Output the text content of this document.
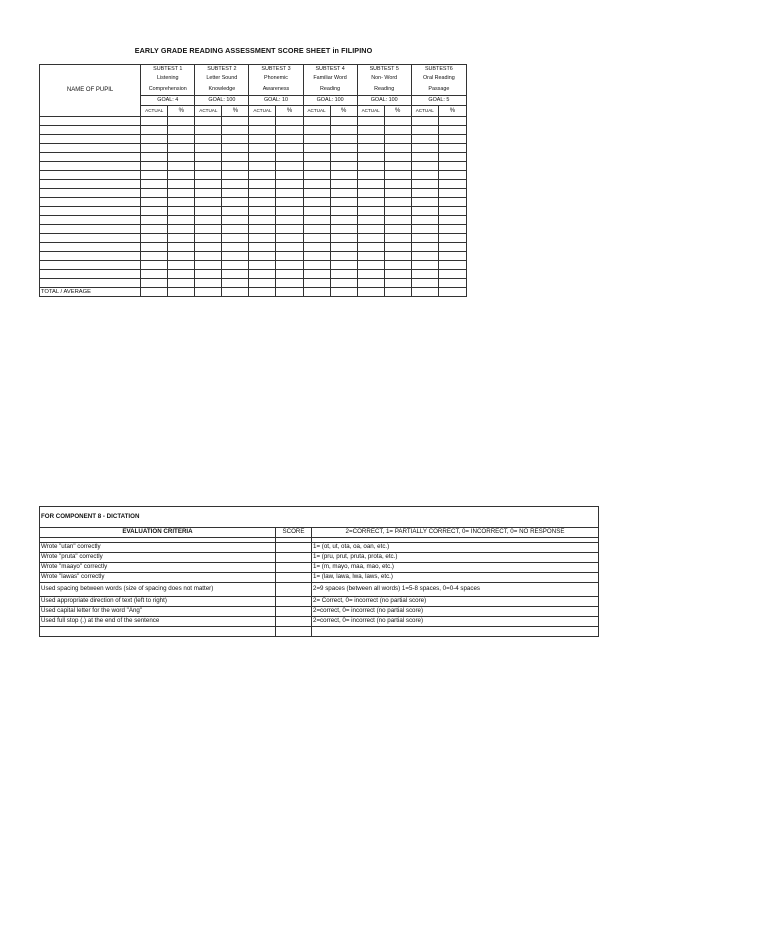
EARLY GRADE READING ASSESSMENT SCORE SHEET in FILIPINO
NAME OF PUPIL	SUBTEST 1		SUBTEST 2		SUBTEST 3		SUBTEST 4		SUBTEST 5		SUBTEST6	
	Listening		Letter Sound		Phonemic		Familiar Word		Non- Word		Oral Reading	
	Comprehension		Knowledge		Awareness		Reading		Reading		Passage	
	GOAL: 4		GOAL: 100		GOAL: 10		GOAL: 100		GOAL: 100		GOAL: 5	
	ACTUAL	%	ACTUAL	%	ACTUAL	%	ACTUAL	%	ACTUAL	%	ACTUAL	%

TOTAL / AVERAGE												
FOR COMPONENT 8 - DICTATION		
EVALUATION CRITERIA	SCORE	2=CORRECT, 1= PARTIALLY CORRECT, 0= INCORRECT, 0= NO RESPONSE

Wrote "utan" correctly		1= (ot, ut, ota, oa, oan, etc.)
Wrote "pruta" correctly		1= (pru, prut, pruta, prota, etc.)
Wrote "maayo" correctly		1= (m, mayo, maa, mao, etc.)
Wrote "lawas" correctly		1= (law, lawa, lwa, laws, etc.)
Used spacing between words (size of spacing does not matter)		2=9 spaces (between all words) 1=5-8 spaces, 0=0-4 spaces
Used appropriate direction of text (left to right)		2= Correct, 0= incorrect (no partial score)
Used capital letter for the word "Ang"		2=correct, 0= incorrect (no partial score)
Used full stop (.) at the end of the sentence		2=correct, 0= incorrect (no partial score)
